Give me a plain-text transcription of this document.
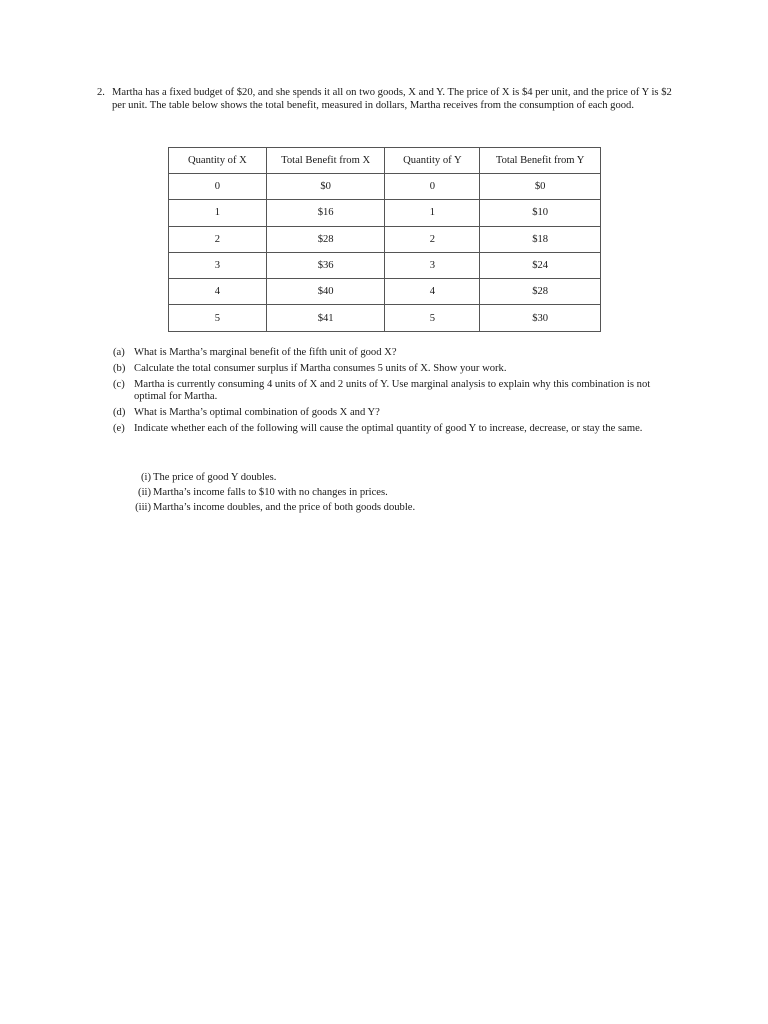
2. Martha has a fixed budget of $20, and she spends it all on two goods, X and Y. The price of X is $4 per unit, and the price of Y is $2 per unit. The table below shows the total benefit, measured in dollars, Martha receives from the consumption of each good.
Quantity of X	Total Benefit from X	Quantity of Y	Total Benefit from Y
0	$0	0	$0
1	$16	1	$10
2	$28	2	$18
3	$36	3	$24
4	$40	4	$28
5	$41	5	$30
(a) What is Martha’s marginal benefit of the fifth unit of good X?
(b) Calculate the total consumer surplus if Martha consumes 5 units of X. Show your work.
(c) Martha is currently consuming 4 units of X and 2 units of Y. Use marginal analysis to explain why this combination is not optimal for Martha.
(d) What is Martha’s optimal combination of goods X and Y?
(e) Indicate whether each of the following will cause the optimal quantity of good Y to increase, decrease, or stay the same.
(i) The price of good Y doubles.
(ii) Martha’s income falls to $10 with no changes in prices.
(iii) Martha’s income doubles, and the price of both goods double.
